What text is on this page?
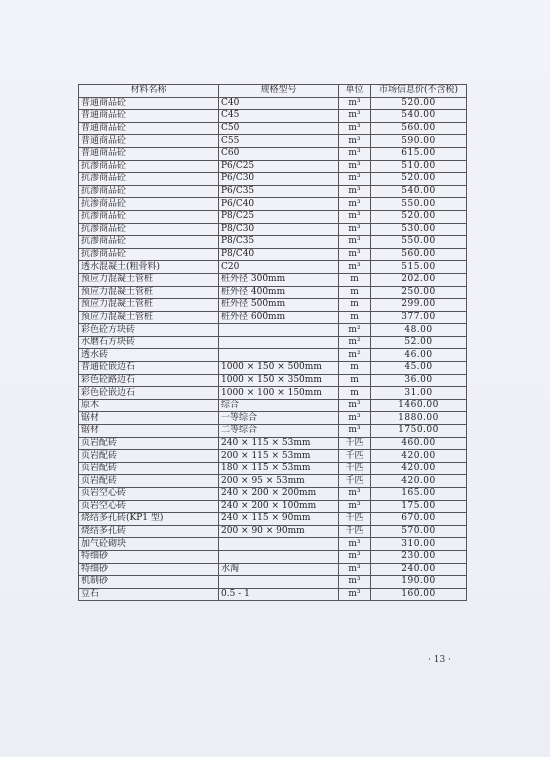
材料名称	规格型号	单位	市场信息价(不含税)
普通商品砼	C40	m³	520.00
普通商品砼	C45	m³	540.00
普通商品砼	C50	m³	560.00
普通商品砼	C55	m³	590.00
普通商品砼	C60	m³	615.00
抗渗商品砼	P6/C25	m³	510.00
抗渗商品砼	P6/C30	m³	520.00
抗渗商品砼	P6/C35	m³	540.00
抗渗商品砼	P6/C40	m³	550.00
抗渗商品砼	P8/C25	m³	520.00
抗渗商品砼	P8/C30	m³	530.00
抗渗商品砼	P8/C35	m³	550.00
抗渗商品砼	P8/C40	m³	560.00
透水混凝土(粗骨料)	C20	m³	515.00
预应力混凝土管桩	桩外径 300mm	m	202.00
预应力混凝土管桩	桩外径 400mm	m	250.00
预应力混凝土管桩	桩外径 500mm	m	299.00
预应力混凝土管桩	桩外径 600mm	m	377.00
彩色砼方块砖		m²	48.00
水磨石方块砖		m²	52.00
透水砖		m²	46.00
普通砼嵌边石	1000 × 150 × 500mm	m	45.00
彩色砼路边石	1000 × 150 × 350mm	m	36.00
彩色砼嵌边石	1000 × 100 × 150mm	m	31.00
原木	综合	m³	1460.00
锯材	一等综合	m³	1880.00
锯材	二等综合	m³	1750.00
页岩配砖	240 × 115 × 53mm	千匹	460.00
页岩配砖	200 × 115 × 53mm	千匹	420.00
页岩配砖	180 × 115 × 53mm	千匹	420.00
页岩配砖	200 × 95 × 53mm	千匹	420.00
页岩空心砖	240 × 200 × 200mm	m³	165.00
页岩空心砖	240 × 200 × 100mm	m³	175.00
烧结多孔砖(KP1 型)	240 × 115 × 90mm	千匹	670.00
烧结多孔砖	200 × 90 × 90mm	千匹	570.00
加气砼砌块		m³	310.00
特细砂		m³	230.00
特细砂	水淘	m³	240.00
机制砂		m³	190.00
豆石	0.5 - 1	m³	160.00
· 13 ·
